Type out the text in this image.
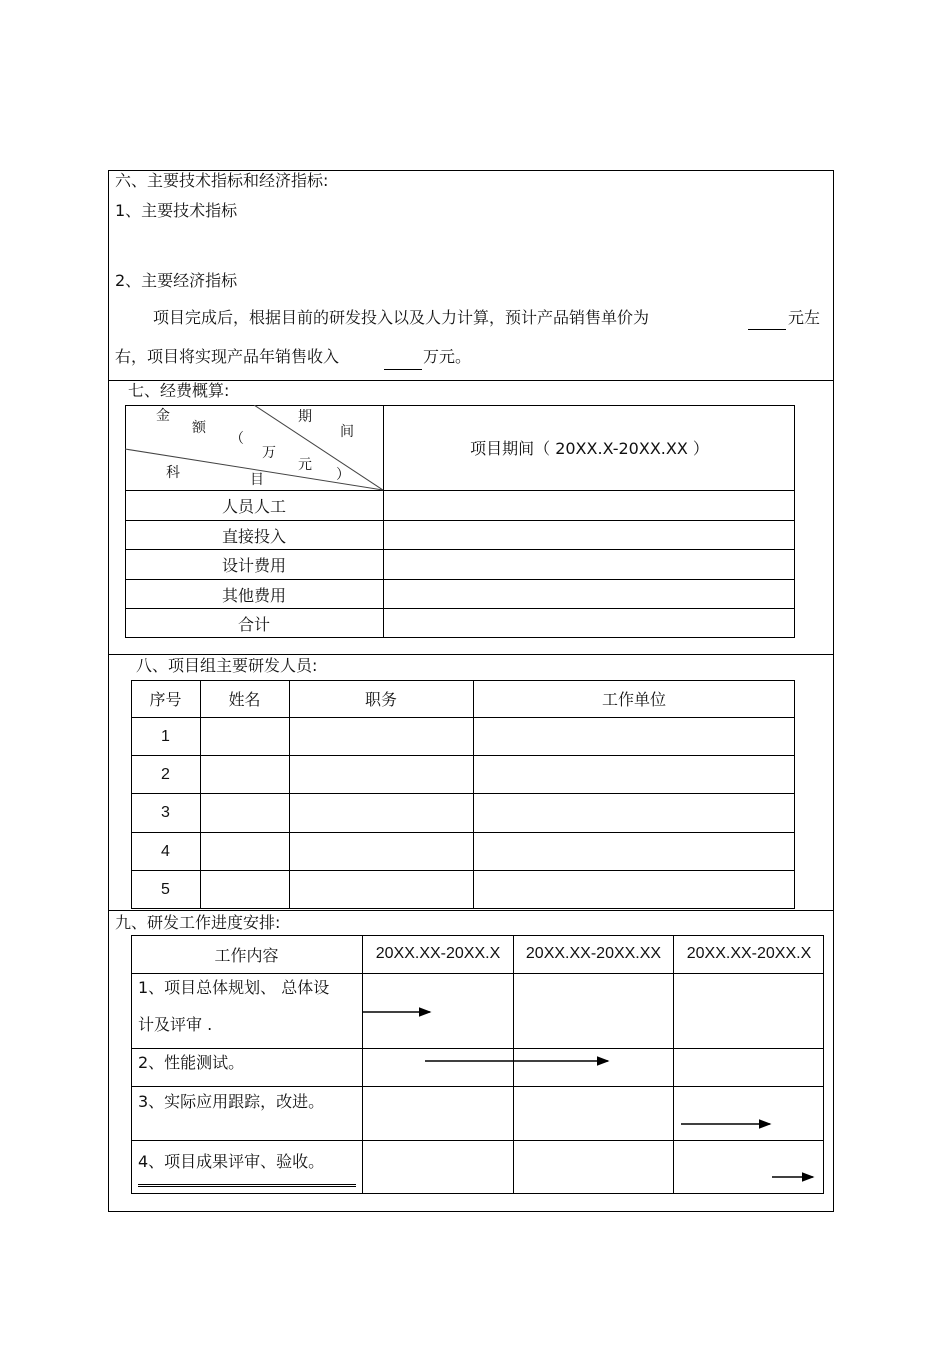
六、主要技术指标和经济指标:
1、主要技术指标
2、主要经济指标
项目完成后，根据目前的研发投入以及人力计算，预计产品销售单价为	元左
右，项目将实现产品年销售收入	万元。
七、经费概算:
金
额
（
万
元
）
期
间
科	目
项目期间（ 20XX.X-20XX.XX ）
人员人工
直接投入
设计费用
其他费用
合计
八、项目组主要研发人员:
序号	姓名	职务	工作单位
1
2
3
4
5
九、研发工作进度安排:
工作内容	20XX.XX-20XX.X	20XX.XX-20XX.XX	20XX.XX-20XX.X
1、项目总体规划、 总体设
计及评审 .
2、性能测试。
3、实际应用跟踪，改进。
4、项目成果评审、验收。
